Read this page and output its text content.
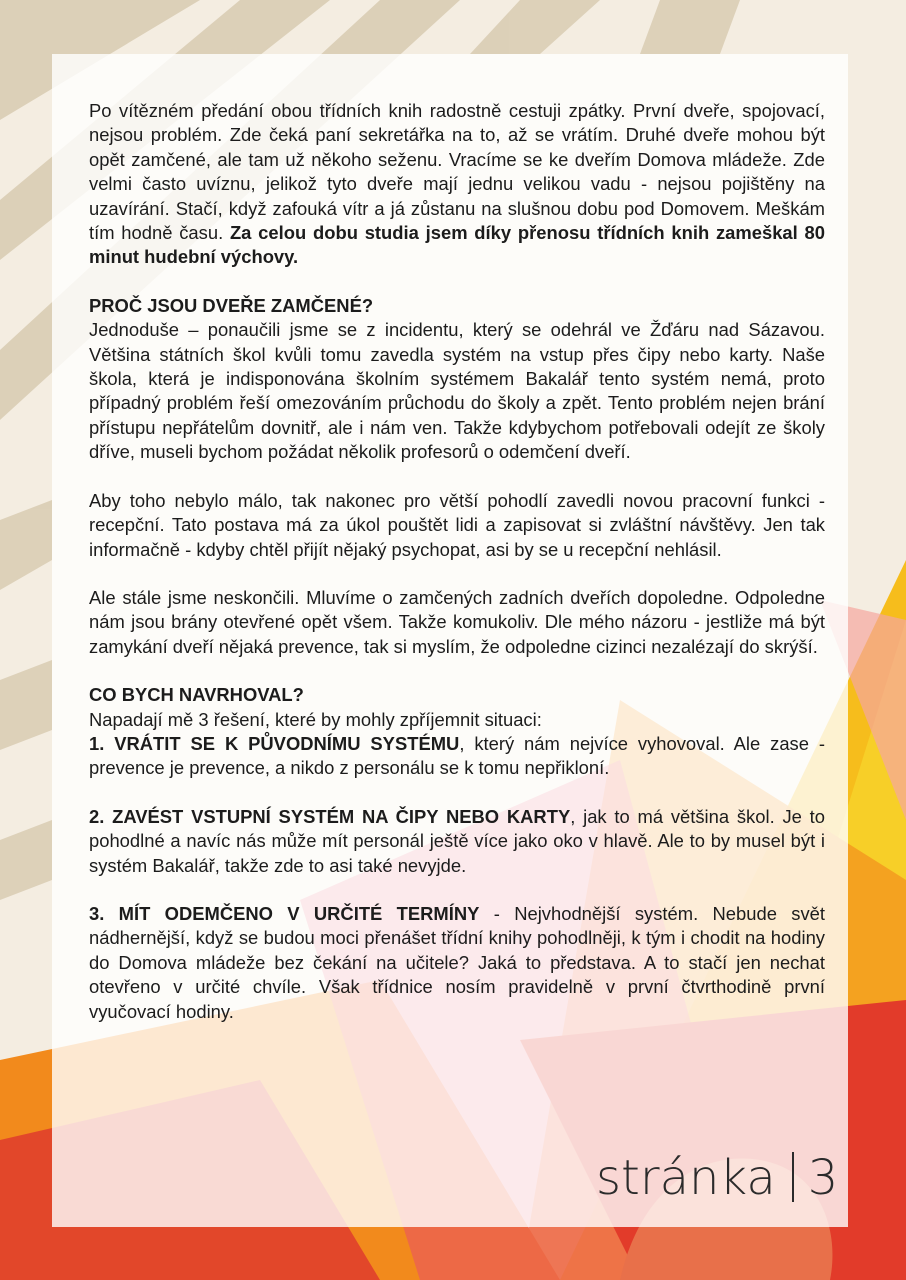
Po vítězném předání obou třídních knih radostně cestuji zpátky. První dveře, spojovací, nejsou problém. Zde čeká paní sekretářka na to, až se vrátím. Druhé dveře mohou být opět zamčené, ale tam už někoho seženu. Vracíme se ke dveřím Domova mládeže. Zde velmi často uvíznu, jelikož tyto dveře mají jednu velikou vadu - nejsou pojištěny na uzavírání. Stačí, když zafouká vítr a já zůstanu na slušnou dobu pod Domovem. Meškám tím hodně času. Za celou dobu studia jsem díky přenosu třídních knih zameškal 80 minut hudební výchovy.

PROČ JSOU DVEŘE ZAMČENÉ?

Jednoduše – ponaučili jsme se z incidentu, který se odehrál ve Žďáru nad Sázavou. Většina státních škol kvůli tomu zavedla systém na vstup přes čipy nebo karty. Naše škola, která je indisponována školním systémem Bakalář tento systém nemá, proto případný problém řeší omezováním průchodu do školy a zpět. Tento problém nejen brání přístupu nepřátelům dovnitř, ale i nám ven. Takže kdybychom potřebovali odejít ze školy dříve, museli bychom požádat několik profesorů o odemčení dveří.

Aby toho nebylo málo, tak nakonec pro větší pohodlí zavedli novou pracovní funkci - recepční. Tato postava má za úkol pouštět lidi a zapisovat si zvláštní návštěvy. Jen tak informačně - kdyby chtěl přijít nějaký psychopat, asi by se u recepční nehlásil.

Ale stále jsme neskončili. Mluvíme o zamčených zadních dveřích dopoledne. Odpoledne nám jsou brány otevřené opět všem. Takže komukoliv. Dle mého názoru - jestliže má být zamykání dveří nějaká prevence, tak si myslím, že odpoledne cizinci nezalézají do skrýší.

CO BYCH NAVRHOVAL?

Napadají mě 3 řešení, které by mohly zpříjemnit situaci:

1. VRÁTIT SE K PŮVODNÍMU SYSTÉMU, který nám nejvíce vyhovoval. Ale zase - prevence je prevence, a nikdo z personálu se k tomu nepřikloní.

2. ZAVÉST VSTUPNÍ SYSTÉM NA ČIPY NEBO KARTY, jak to má většina škol. Je to pohodlné a navíc nás může mít personál ještě více jako oko v hlavě. Ale to by musel být i systém Bakalář, takže zde to asi také nevyjde.

3. MÍT ODEMČENO V URČITÉ TERMÍNY - Nejvhodnější systém. Nebude svět nádhernější, když se budou moci přenášet třídní knihy pohodlněji, k tým i chodit na hodiny do Domova mládeže bez čekání na učitele? Jaká to představa. A to stačí jen nechat otevřeno v určité chvíle. Však třídnice nosím pravidelně v první čtvrthodině první vyučovací hodiny.

stránka 3
